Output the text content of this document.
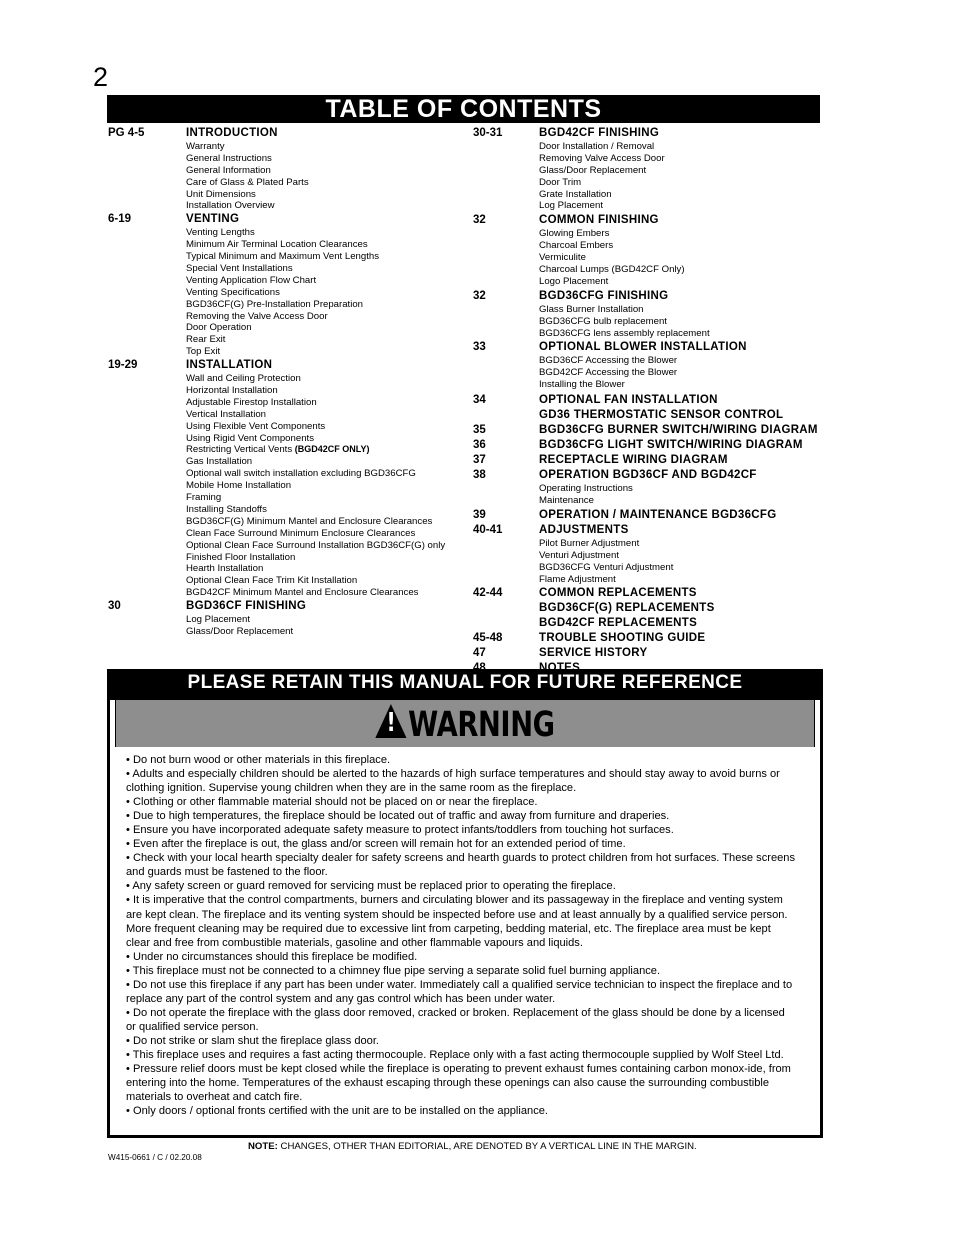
2
TABLE OF CONTENTS
PG 4-5	INTRODUCTION
Warranty
General Instructions
General Information
Care of Glass & Plated Parts
Unit Dimensions
Installation Overview
6-19	VENTING
Venting Lengths
Minimum Air Terminal Location Clearances
Typical Minimum and Maximum Vent Lengths
Special Vent Installations
Venting Application Flow Chart
Venting Specifications
BGD36CF(G) Pre-Installation Preparation
Removing the Valve Access Door
Door Operation
Rear Exit
Top Exit
19-29	INSTALLATION
Wall and Ceiling Protection
Horizontal Installation
Adjustable Firestop Installation
Vertical Installation
Using Flexible Vent Components
Using Rigid Vent Components
Restricting Vertical Vents (BGD42CF ONLY)
Gas Installation
Optional wall switch installation excluding BGD36CFG
Mobile Home Installation
Framing
Installing Standoffs
BGD36CF(G) Minimum Mantel and Enclosure Clearances
Clean Face Surround Minimum Enclosure Clearances
Optional Clean Face Surround Installation BGD36CF(G) only
Finished Floor Installation
Hearth Installation
Optional Clean Face Trim Kit Installation
BGD42CF Minimum Mantel and Enclosure Clearances
30	BGD36CF FINISHING
Log Placement
Glass/Door Replacement
30-31	BGD42CF FINISHING
Door Installation / Removal
Removing Valve Access Door
Glass/Door Replacement
Door Trim
Grate Installation
Log Placement
32	COMMON FINISHING
Glowing Embers
Charcoal Embers
Vermiculite
Charcoal Lumps (BGD42CF Only)
Logo Placement
32	BGD36CFG FINISHING
Glass Burner Installation
BGD36CFG bulb replacement
BGD36CFG lens assembly replacement
33	OPTIONAL BLOWER INSTALLATION
BGD36CF Accessing the Blower
BGD42CF Accessing the Blower
Installing the Blower
34	OPTIONAL FAN INSTALLATION
GD36 THERMOSTATIC SENSOR CONTROL
35	BGD36CFG BURNER SWITCH/WIRING DIAGRAM
36	BGD36CFG LIGHT SWITCH/WIRING DIAGRAM
37	RECEPTACLE WIRING DIAGRAM
38	OPERATION BGD36CF AND BGD42CF
Operating Instructions
Maintenance
39	OPERATION / MAINTENANCE BGD36CFG
40-41	ADJUSTMENTS
Pilot Burner Adjustment
Venturi Adjustment
BGD36CFG Venturi Adjustment
Flame Adjustment
42-44	COMMON REPLACEMENTS
BGD36CF(G) REPLACEMENTS
BGD42CF REPLACEMENTS
45-48	TROUBLE SHOOTING GUIDE
47	SERVICE HISTORY
PLEASE RETAIN THIS MANUAL FOR FUTURE REFERENCE
! WARNING

• Do not burn wood or other materials in this fireplace.

• Adults and especially children should be alerted to the hazards of high surface temperatures and should stay away to avoid burns or clothing ignition. Supervise young children when they are in the same room as the fireplace.

• Clothing or other flammable material should not be placed on or near the fireplace.

• Due to high temperatures, the fireplace should be located out of traffic and away from furniture and draperies.

• Ensure you have incorporated adequate safety measure to protect infants/toddlers from touching hot surfaces.

• Even after the fireplace is out, the glass and/or screen will remain hot for an extended period of time.

• Check with your local hearth specialty dealer for safety screens and hearth guards to protect children from hot surfaces. These screens and guards must be fastened to the floor.

• Any safety screen or guard removed for servicing must be replaced prior to operating the fireplace.

• It is imperative that the control compartments, burners and circulating blower and its passageway in the fireplace and venting system are kept clean. The fireplace and its venting system should be inspected before use and at least annually by a qualified service person. More frequent cleaning may be required due to excessive lint from carpeting, bedding material, etc. The fireplace area must be kept clear and free from combustible materials, gasoline and other flammable vapours and liquids.

• Under no circumstances should this fireplace be modified.

• This fireplace must not be connected to a chimney flue pipe serving a separate solid fuel burning appliance.

• Do not use this fireplace if any part has been under water. Immediately call a qualified service technician to inspect the fireplace and to replace any part of the control system and any gas control which has been under water.

• Do not operate the fireplace with the glass door removed, cracked or broken. Replacement of the glass should be done by a licensed or qualified service person.

• Do not strike or slam shut the fireplace glass door.

• This fireplace uses and requires a fast acting thermocouple. Replace only with a fast acting thermocouple supplied by Wolf Steel Ltd.

• Pressure relief doors must be kept closed while the fireplace is operating to prevent exhaust fumes containing carbon monox-ide, from entering into the home. Temperatures of the exhaust escaping through these openings can also cause the surrounding combustible materials to overheat and catch fire.

• Only doors / optional fronts certified with the unit are to be installed on the appliance.

NOTE: CHANGES, OTHER THAN EDITORIAL, ARE DENOTED BY A VERTICAL LINE IN THE MARGIN.
W415-0661 / C / 02.20.08
